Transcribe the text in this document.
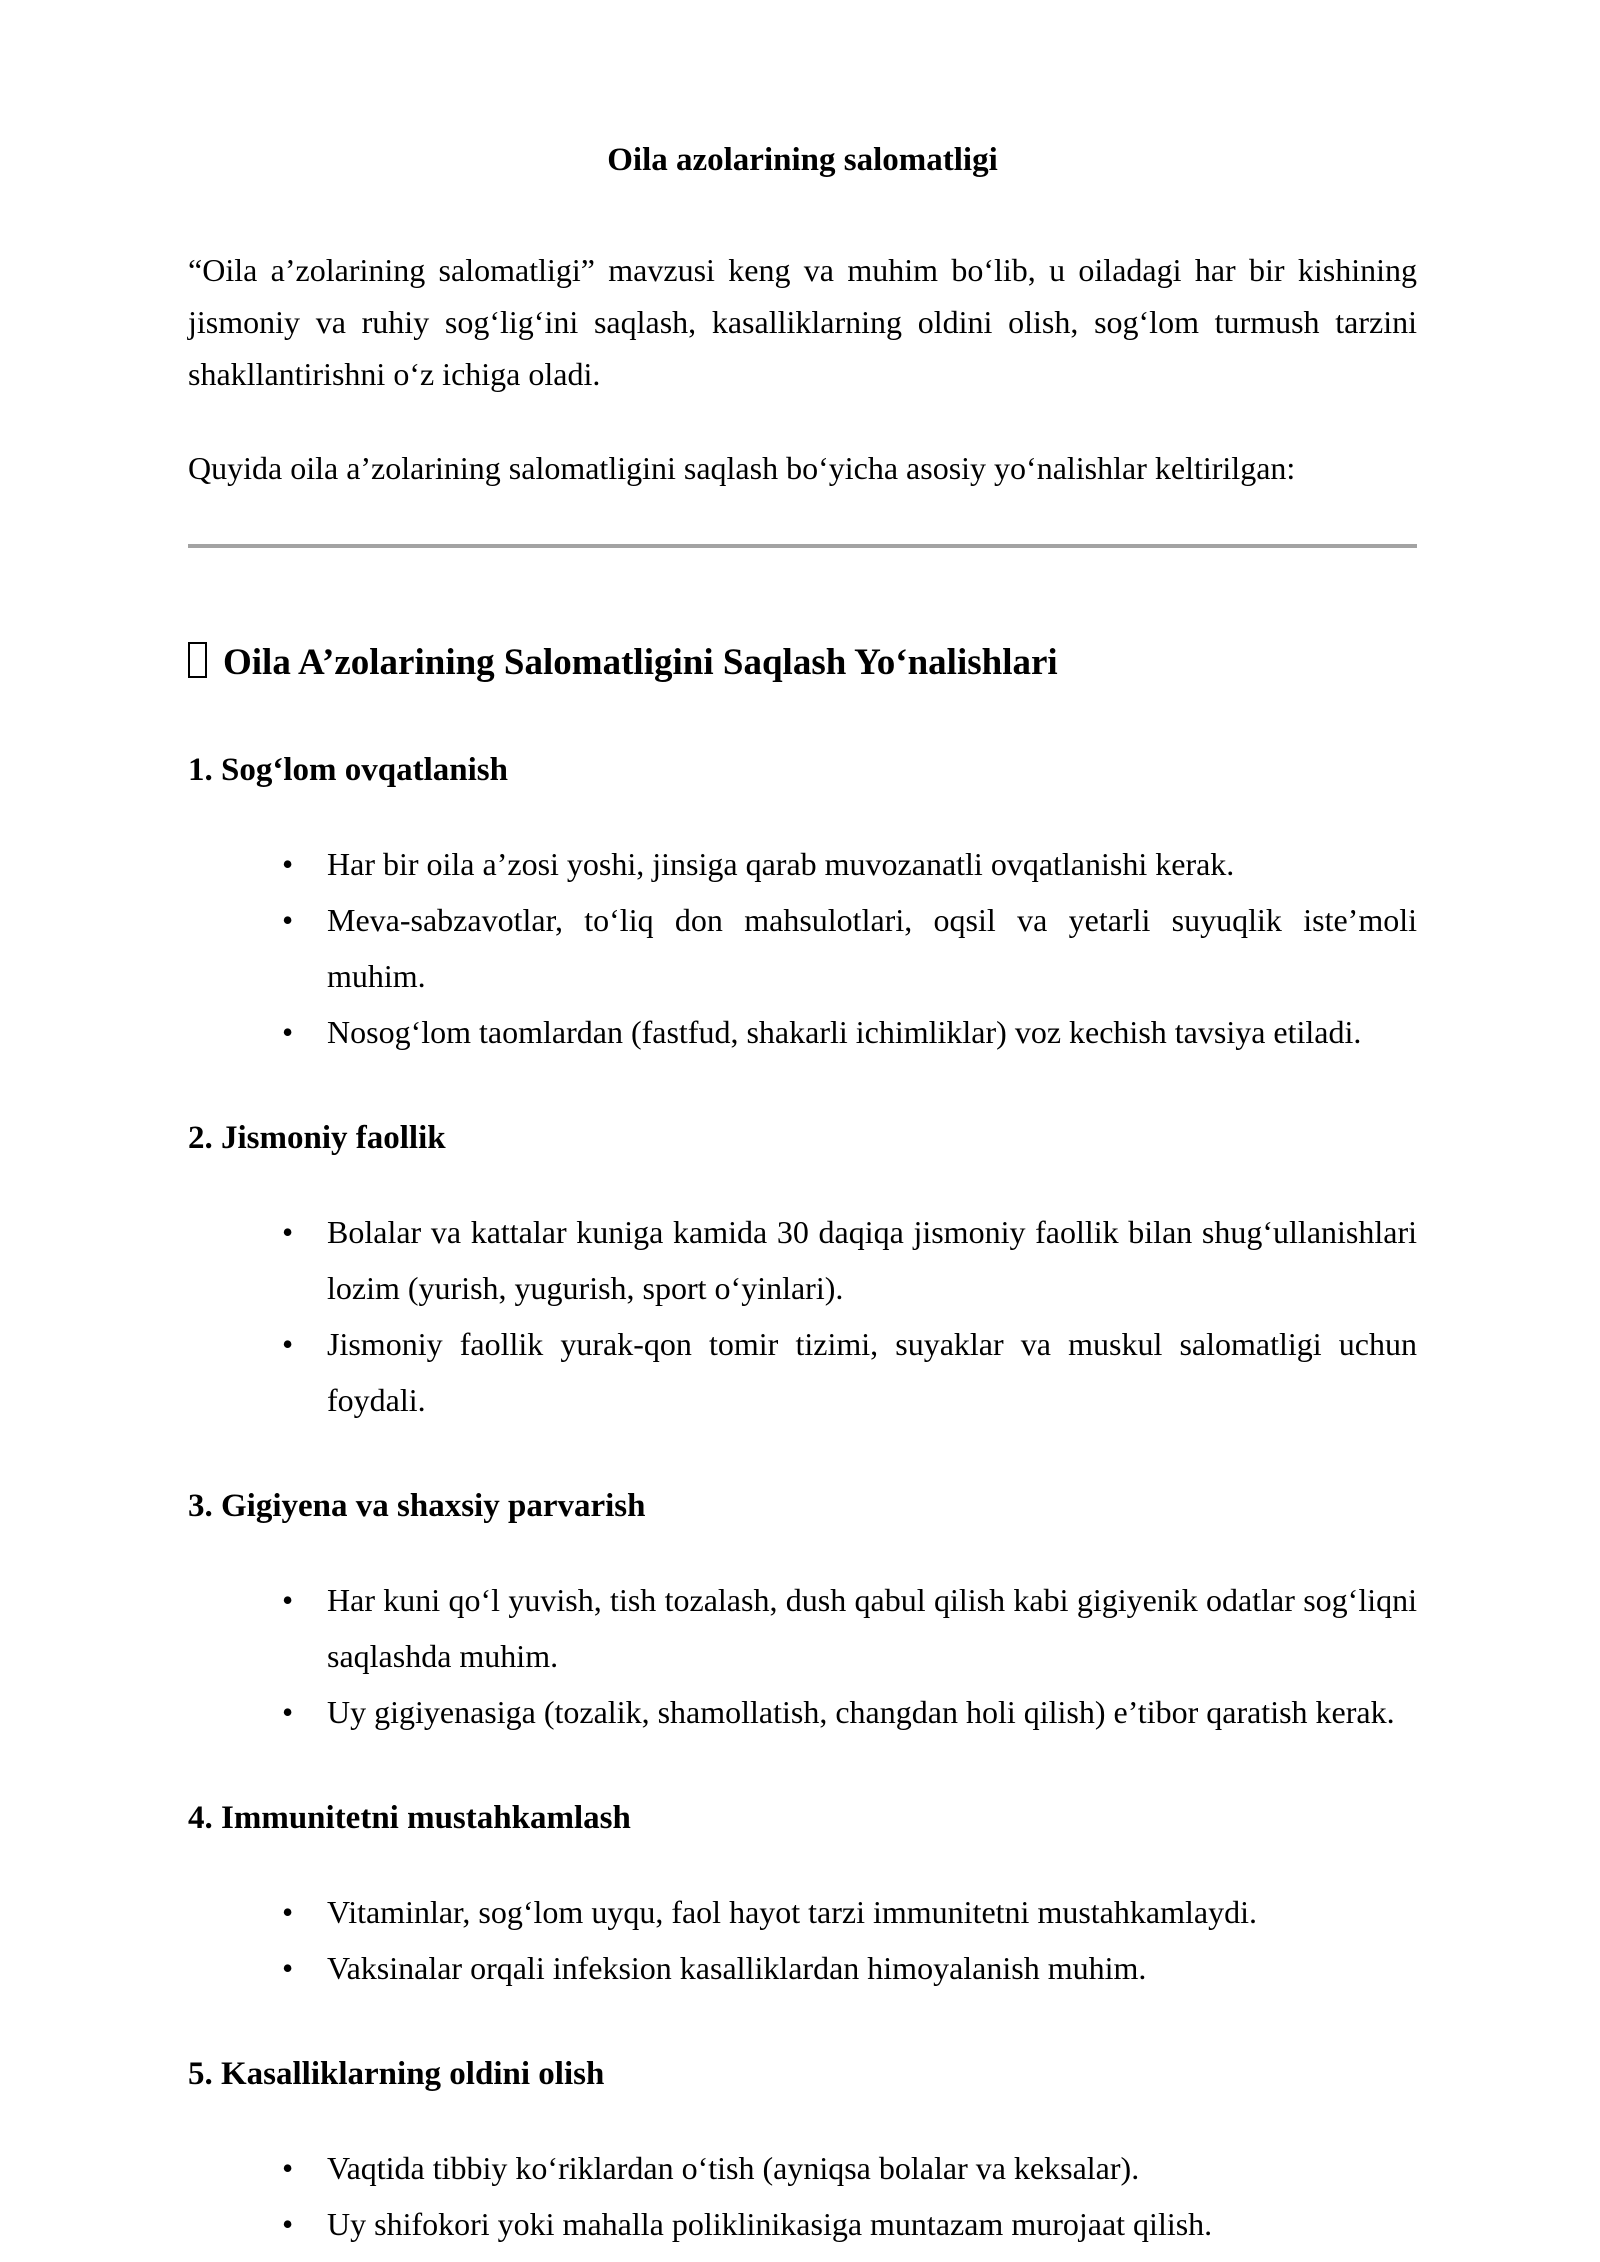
Oila azolarining salomatligi

“Oila a’zolarining salomatligi” mavzusi keng va muhim bo‘lib, u oiladagi har bir kishining jismoniy va ruhiy sog‘lig‘ini saqlash, kasalliklarning oldini olish, sog‘lom turmush tarzini shakllantirishni o‘z ichiga oladi.

Quyida oila a’zolarining salomatligini saqlash bo‘yicha asosiy yo‘nalishlar keltirilgan:

Oila A’zolarining Salomatligini Saqlash Yo‘nalishlari
1. Sog‘lom ovqatlanish
• Har bir oila a’zosi yoshi, jinsiga qarab muvozanatli ovqatlanishi kerak.
• Meva-sabzavotlar, to‘liq don mahsulotlari, oqsil va yetarli suyuqlik iste’moli muhim.
• Nosog‘lom taomlardan (fastfud, shakarli ichimliklar) voz kechish tavsiya etiladi.
2. Jismoniy faollik
• Bolalar va kattalar kuniga kamida 30 daqiqa jismoniy faollik bilan shug‘ullanishlari lozim (yurish, yugurish, sport o‘yinlari).
• Jismoniy faollik yurak-qon tomir tizimi, suyaklar va muskul salomatligi uchun foydali.
3. Gigiyena va shaxsiy parvarish
• Har kuni qo‘l yuvish, tish tozalash, dush qabul qilish kabi gigiyenik odatlar sog‘liqni saqlashda muhim.
• Uy gigiyenasiga (tozalik, shamollatish, changdan holi qilish) e’tibor qaratish kerak.
4. Immunitetni mustahkamlash
• Vitaminlar, sog‘lom uyqu, faol hayot tarzi immunitetni mustahkamlaydi.
• Vaksinalar orqali infeksion kasalliklardan himoyalanish muhim.
5. Kasalliklarning oldini olish
• Vaqtida tibbiy ko‘riklardan o‘tish (ayniqsa bolalar va keksalar).
• Uy shifokori yoki mahalla poliklinikasiga muntazam murojaat qilish.
